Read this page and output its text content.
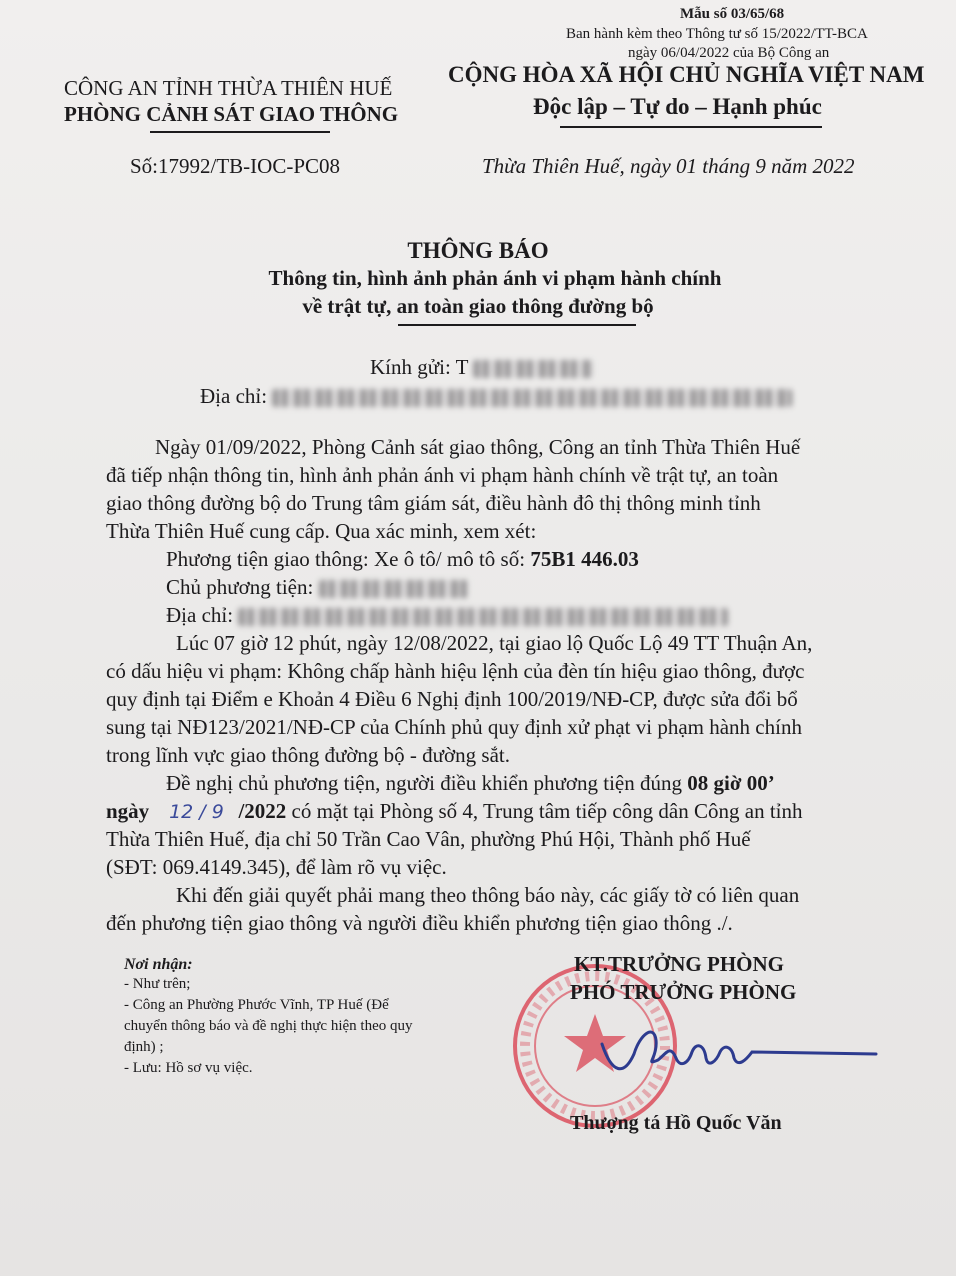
Mẫu số 03/65/68
Ban hành kèm theo Thông tư số 15/2022/TT-BCA
ngày 06/04/2022 của Bộ Công an
CÔNG AN TỈNH THỪA THIÊN HUẾ
PHÒNG CẢNH SÁT GIAO THÔNG
Số:17992/TB-IOC-PC08
CỘNG HÒA XÃ HỘI CHỦ NGHĨA VIỆT NAM
Độc lập – Tự do – Hạnh phúc
Thừa Thiên Huế, ngày 01 tháng 9 năm 2022
THÔNG BÁO
Thông tin, hình ảnh phản ánh vi phạm hành chính
về trật tự, an toàn giao thông đường bộ
Kính gửi: T
Địa chỉ:
Ngày 01/09/2022, Phòng Cảnh sát giao thông, Công an tỉnh Thừa Thiên Huế
đã tiếp nhận thông tin, hình ảnh phản ánh vi phạm hành chính về trật tự, an toàn
giao thông đường bộ do Trung tâm giám sát, điều hành đô thị thông minh tỉnh
Thừa Thiên Huế cung cấp. Qua xác minh, xem xét:
Phương tiện giao thông: Xe ô tô/ mô tô số: 75B1 446.03
Chủ phương tiện:
Địa chỉ:
Lúc 07 giờ 12 phút, ngày 12/08/2022, tại giao lộ Quốc Lộ 49 TT Thuận An,
có dấu hiệu vi phạm: Không chấp hành hiệu lệnh của đèn tín hiệu giao thông, được
quy định tại Điểm e Khoản 4 Điều 6 Nghị định 100/2019/NĐ-CP, được sửa đổi bổ
sung tại NĐ123/2021/NĐ-CP của Chính phủ quy định xử phạt vi phạm hành chính
trong lĩnh vực giao thông đường bộ - đường sắt.
Đề nghị chủ phương tiện, người điều khiển phương tiện đúng 08 giờ 00’
ngày 12 / 9 /2022 có mặt tại Phòng số 4, Trung tâm tiếp công dân Công an tỉnh
Thừa Thiên Huế, địa chỉ 50 Trần Cao Vân, phường Phú Hội, Thành phố Huế
(SĐT: 069.4149.345), để làm rõ vụ việc.
Khi đến giải quyết phải mang theo thông báo này, các giấy tờ có liên quan
đến phương tiện giao thông và người điều khiển phương tiện giao thông ./.
Nơi nhận:
- Như trên;
- Công an Phường Phước Vĩnh, TP Huế (Để
chuyển thông báo và đề nghị thực hiện theo quy
định) ;
- Lưu: Hồ sơ vụ việc.
KT.TRƯỞNG PHÒNG
PHÓ TRƯỞNG PHÒNG
Thượng tá Hồ Quốc Văn
